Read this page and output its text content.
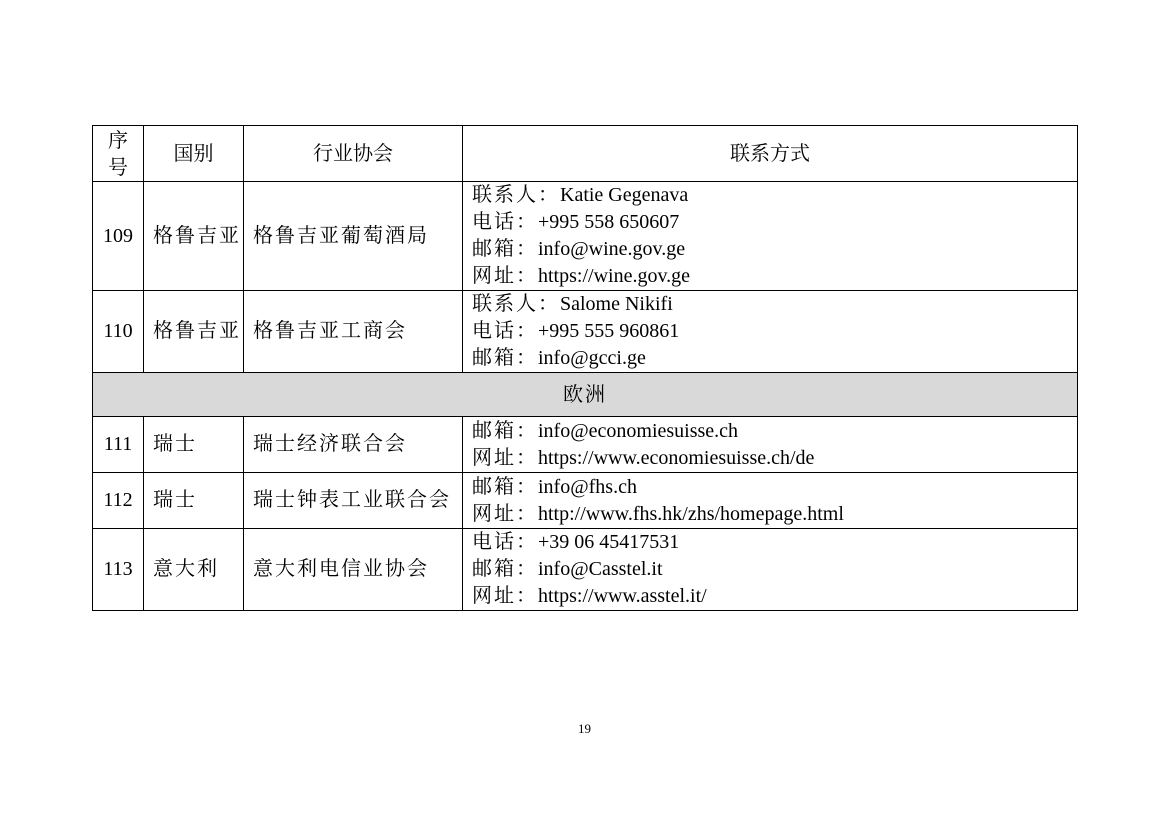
序
号	国别	行业协会	联系方式
109	格鲁吉亚	格鲁吉亚葡萄酒局	联系人：Katie Gegenava
电话：+995 558 650607
邮箱：info@wine.gov.ge
网址：https://wine.gov.ge

110	格鲁吉亚	格鲁吉亚工商会	联系人：Salome Nikifi
电话：+995 555 960861
邮箱：info@gcci.ge

欧洲			
111	瑞士	瑞士经济联合会	邮箱：info@economiesuisse.ch
网址：https://www.economiesuisse.ch/de

112	瑞士	瑞士钟表工业联合会	邮箱：info@fhs.ch
网址：http://www.fhs.hk/zhs/homepage.html

113	意大利	意大利电信业协会	电话：+39 06 45417531
邮箱：info@Casstel.it
网址：https://www.asstel.it/
19
